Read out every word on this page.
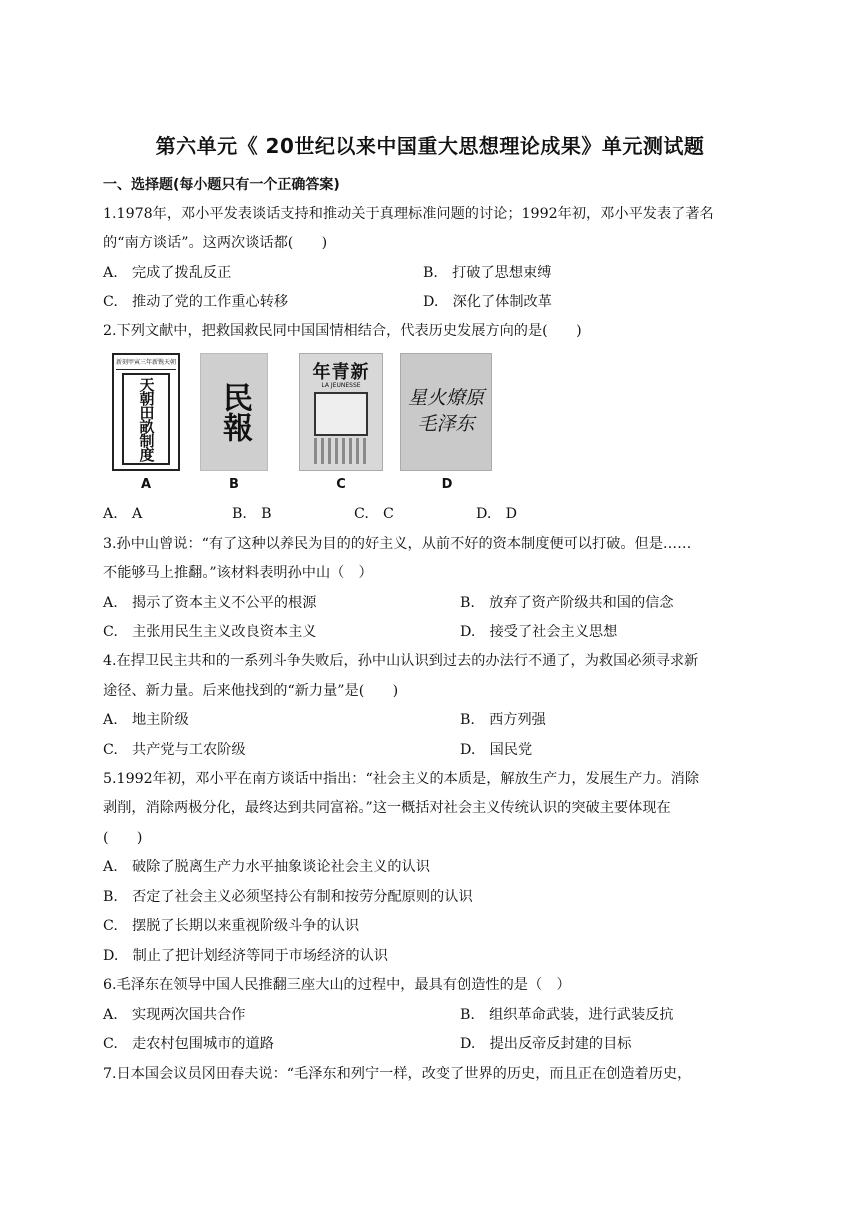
第六单元《 20世纪以来中国重大思想理论成果》单元测试题
一、选择题(每小题只有一个正确答案)
1.1978年，邓小平发表谈话支持和推动关于真理标准问题的讨论；1992年初，邓小平发表了著名
的“南方谈话”。这两次谈话都(　　)
A.　完成了拨乱反正	B.　打破了思想束缚
C.　推动了党的工作重心转移	D.　深化了体制改革
2.下列文献中，把救国救民同中国国情相结合，代表历史发展方向的是(　　)
新刻甲寅三年新镌天朝
天朝田畝制度
A
民報
B
年青新
LA JEUNESSE
C
星火燎原 毛泽东
D
A.　A	B.　B	C.　C	D.　D
3.孙中山曾说：“有了这种以养民为目的的好主义，从前不好的资本制度便可以打破。但是……
不能够马上推翻。”该材料表明孙中山（　）
A.　揭示了资本主义不公平的根源	B.　放弃了资产阶级共和国的信念
C.　主张用民生主义改良资本主义	D.　接受了社会主义思想
4.在捍卫民主共和的一系列斗争失败后，孙中山认识到过去的办法行不通了，为救国必须寻求新
途径、新力量。后来他找到的“新力量”是(　　)
A.　地主阶级	B.　西方列强
C.　共产党与工农阶级	D.　国民党
5.1992年初，邓小平在南方谈话中指出：“社会主义的本质是，解放生产力，发展生产力。消除
剥削，消除两极分化，最终达到共同富裕。”这一概括对社会主义传统认识的突破主要体现在
(　　)
A.　破除了脱离生产力水平抽象谈论社会主义的认识
B.　否定了社会主义必须坚持公有制和按劳分配原则的认识
C.　摆脱了长期以来重视阶级斗争的认识
D.　制止了把计划经济等同于市场经济的认识
6.毛泽东在领导中国人民推翻三座大山的过程中，最具有创造性的是（　）
A.　实现两次国共合作	B.　组织革命武装，进行武装反抗
C.　走农村包围城市的道路	D.　提出反帝反封建的目标
7.日本国会议员冈田春夫说：“毛泽东和列宁一样，改变了世界的历史，而且正在创造着历史，
